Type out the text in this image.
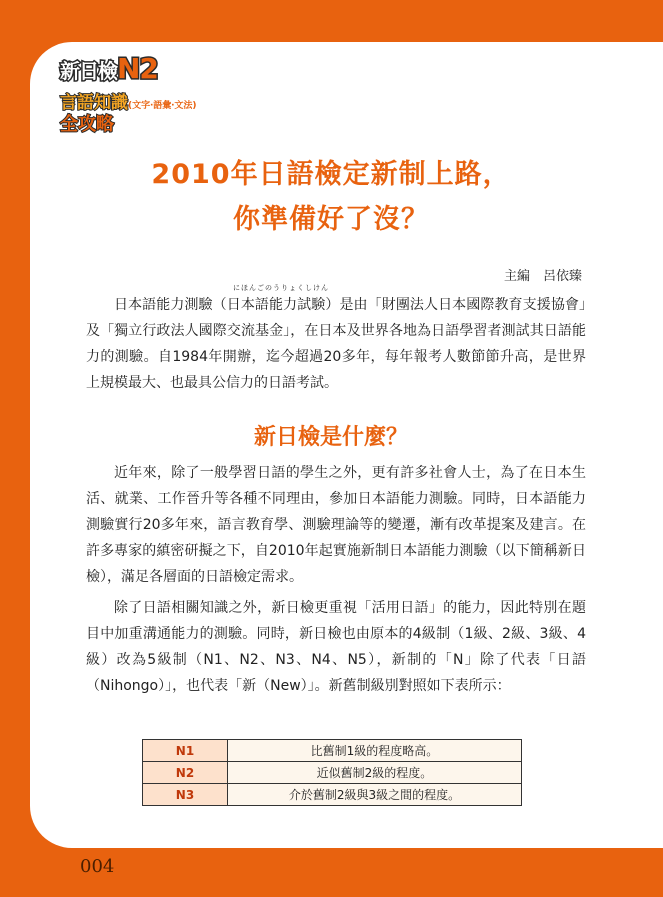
新日檢N2
言語知識(文字‧語彙‧文法)
全攻略
2010年日語檢定新制上路，
你準備好了沒？
主編　呂依臻
にほんごのうりょくしけん
日本語能力測驗（日本語能力試験）是由「財團法人日本國際教育支援協會」及「獨立行政法人國際交流基金」，在日本及世界各地為日語學習者測試其日語能力的測驗。自1984年開辦，迄今超過20多年，每年報考人數節節升高，是世界上規模最大、也最具公信力的日語考試。
新日檢是什麼？
近年來，除了一般學習日語的學生之外，更有許多社會人士，為了在日本生活、就業、工作晉升等各種不同理由，參加日本語能力測驗。同時，日本語能力測驗實行20多年來，語言教育學、測驗理論等的變遷，漸有改革提案及建言。在許多專家的縝密研擬之下，自2010年起實施新制日本語能力測驗（以下簡稱新日檢），滿足各層面的日語檢定需求。
除了日語相關知識之外，新日檢更重視「活用日語」的能力，因此特別在題目中加重溝通能力的測驗。同時，新日檢也由原本的4級制（1級、2級、3級、4級）改為5級制（N1、N2、N3、N4、N5），新制的「N」除了代表「日語（Nihongo）」，也代表「新（New）」。新舊制級別對照如下表所示：
N1	比舊制1級的程度略高。
N2	近似舊制2級的程度。
N3	介於舊制2級與3級之間的程度。
004
